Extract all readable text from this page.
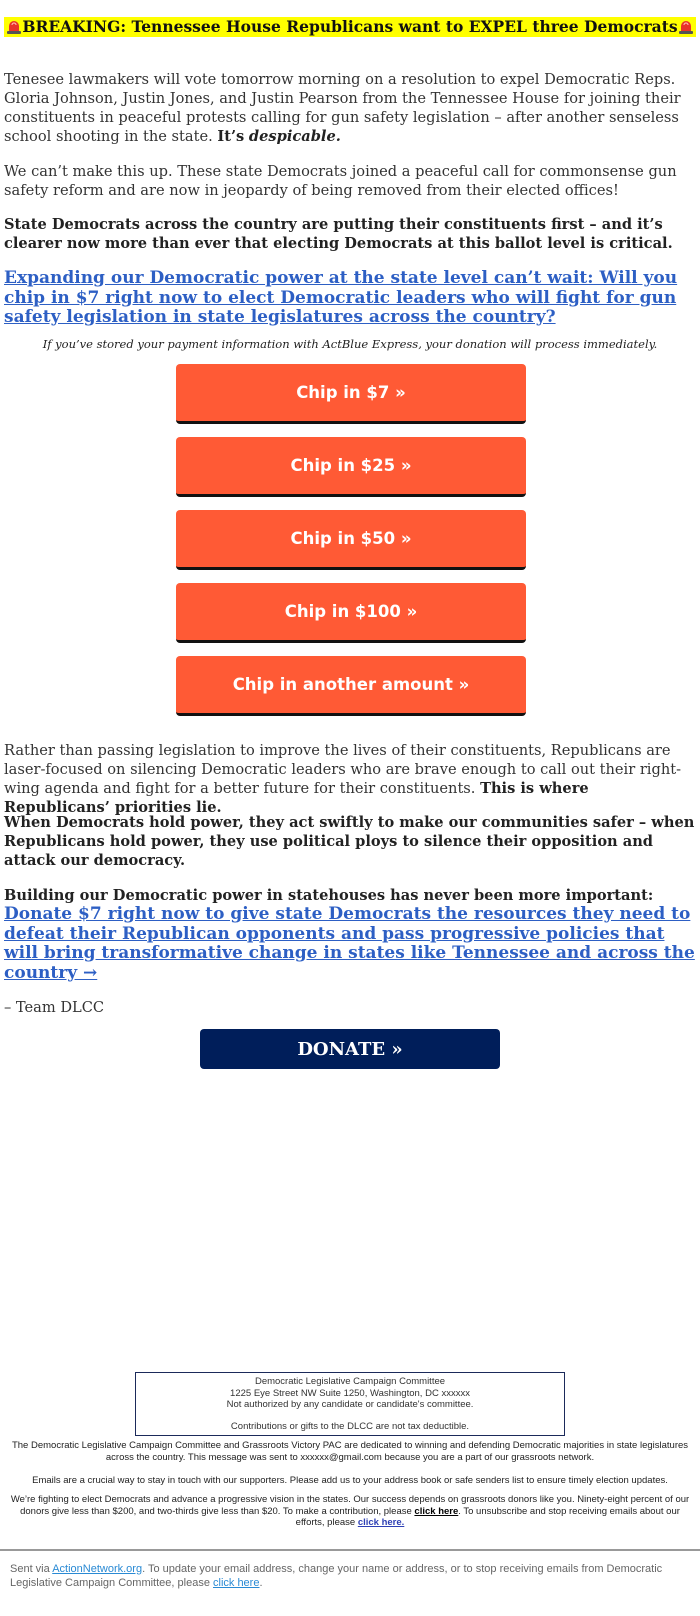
BREAKING: Tennessee House Republicans want to EXPEL three Democrats

Tenesee lawmakers will vote tomorrow morning on a resolution to expel Democratic Reps. Gloria Johnson, Justin Jones, and Justin Pearson from the Tennessee House for joining their constituents in peaceful protests calling for gun safety legislation – after another senseless school shooting in the state. It’s despicable.

We can’t make this up. These state Democrats joined a peaceful call for commonsense gun safety reform and are now in jeopardy of being removed from their elected offices!

State Democrats across the country are putting their constituents first – and it’s clearer now more than ever that electing Democrats at this ballot level is critical.

Expanding our Democratic power at the state level can’t wait: Will you chip in $7 right now to elect Democratic leaders who will fight for gun safety legislation in state legislatures across the country?

If you’ve stored your payment information with ActBlue Express, your donation will process immediately.
Chip in $7 »
Chip in $25 »
Chip in $50 »
Chip in $100 »
Chip in another amount »

Rather than passing legislation to improve the lives of their constituents, Republicans are laser-focused on silencing Democratic leaders who are brave enough to call out their right-wing agenda and fight for a better future for their constituents. This is where Republicans’ priorities lie.

When Democrats hold power, they act swiftly to make our communities safer – when Republicans hold power, they use political ploys to silence their opposition and attack our democracy.

Building our Democratic power in statehouses has never been more important:

Donate $7 right now to give state Democrats the resources they need to defeat their Republican opponents and pass progressive policies that will bring transformative change in states like Tennessee and across the country →

– Team DLCC

DONATE »
Democratic Legislative Campaign Committee
1225 Eye Street NW Suite 1250, Washington, DC xxxxxx
Not authorized by any candidate or candidate's committee.
Contributions or gifts to the DLCC are not tax deductible.
The Democratic Legislative Campaign Committee and Grassroots Victory PAC are dedicated to winning and defending Democratic majorities in state legislatures across the country. This message was sent to xxxxxx@gmail.com because you are a part of our grassroots network.
Emails are a crucial way to stay in touch with our supporters. Please add us to your address book or safe senders list to ensure timely election updates.
We’re fighting to elect Democrats and advance a progressive vision in the states. Our success depends on grassroots donors like you. Ninety-eight percent of our donors give less than $200, and two-thirds give less than $20. To make a contribution, please click here. To unsubscribe and stop receiving emails about our efforts, please click here.
Sent via ActionNetwork.org. To update your email address, change your name or address, or to stop receiving emails from Democratic Legislative Campaign Committee, please click here.
